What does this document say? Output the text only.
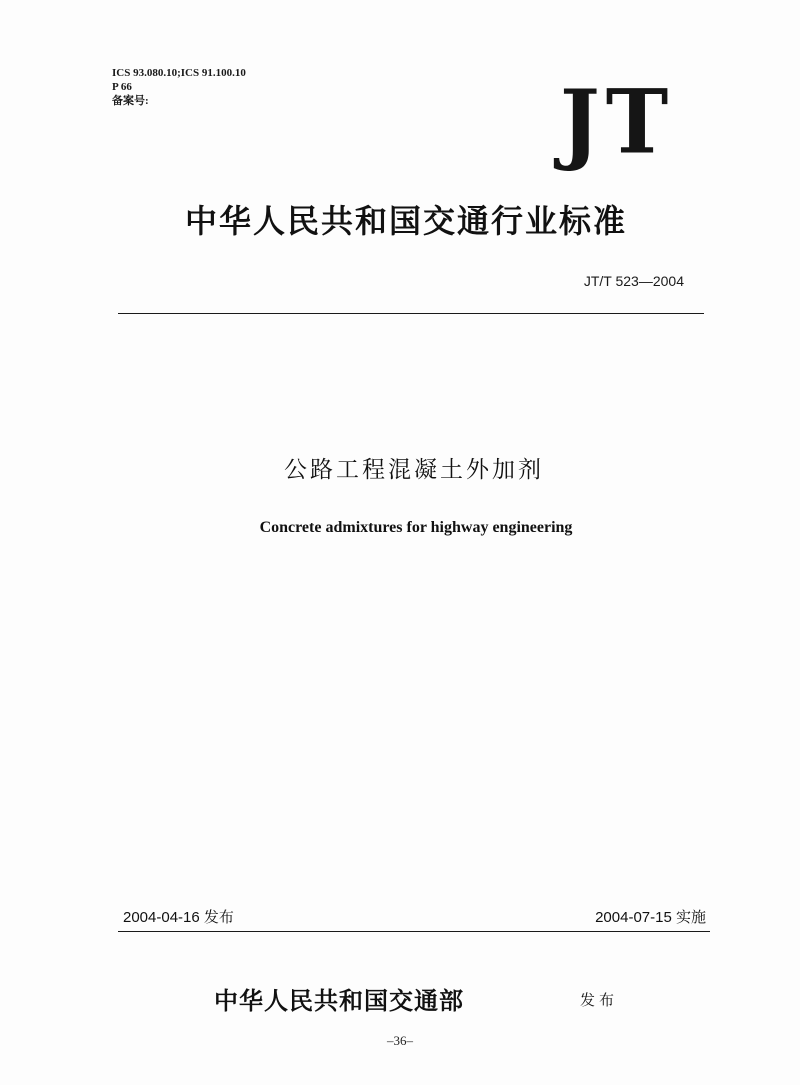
ICS 93.080.10;ICS 91.100.10
P 66
备案号:	JT
中华人民共和国交通行业标准
JT/T 523—2004
公路工程混凝土外加剂
Concrete admixtures for highway engineering
2004-04-16 发布	2004-07-15 实施
中华人民共和国交通部	发布
–36–
